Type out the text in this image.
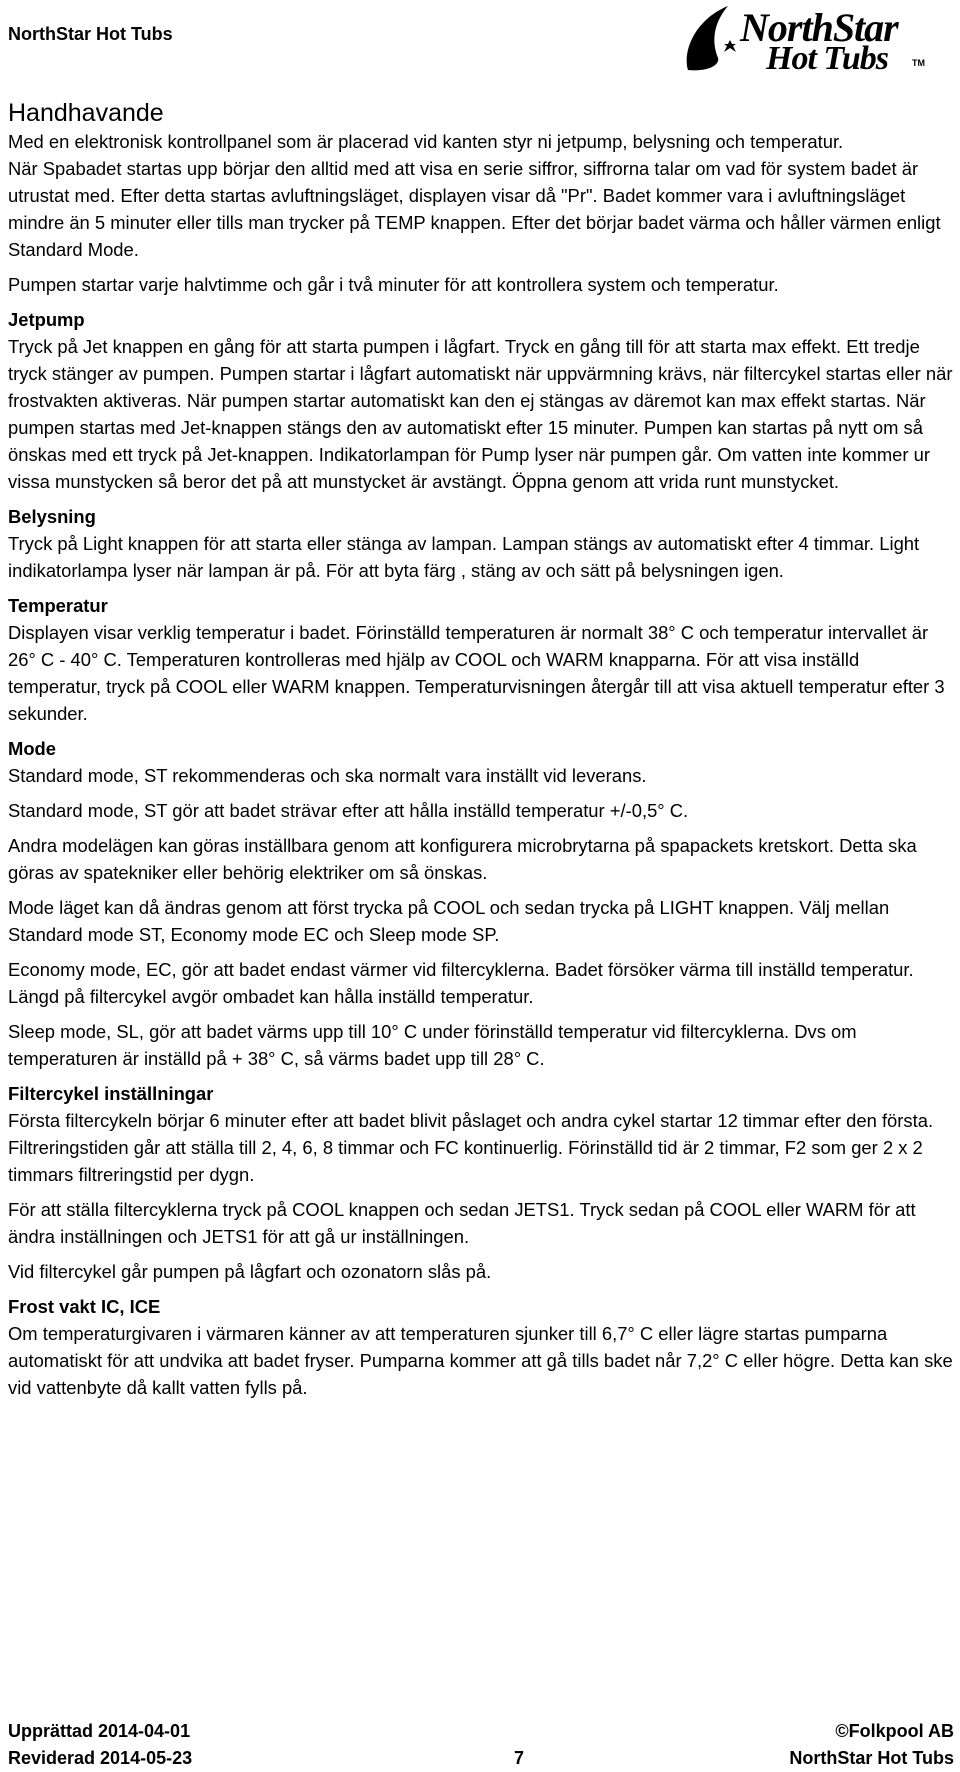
NorthStar Hot Tubs	NorthStar
Hot Tubs	TM
Handhavande

Med en elektronisk kontrollpanel som är placerad vid kanten styr ni jetpump, belysning och temperatur.

När Spabadet startas upp börjar den alltid med att visa en serie siffror, siffrorna talar om vad för system badet är utrustat med. Efter detta startas avluftningsläget, displayen visar då "Pr". Badet kommer vara i avluftningsläget mindre än 5 minuter eller tills man trycker på TEMP knappen. Efter det börjar badet värma och håller värmen enligt Standard Mode.

Pumpen startar varje halvtimme och går i två minuter för att kontrollera system och temperatur.

Jetpump

Tryck på Jet knappen en gång för att starta pumpen i lågfart. Tryck en gång till för att starta max effekt. Ett tredje tryck stänger av pumpen. Pumpen startar i lågfart automatiskt när uppvärmning krävs, när filtercykel startas eller när frostvakten aktiveras. När pumpen startar automatiskt kan den ej stängas av däremot kan max effekt startas. När pumpen startas med Jet-knappen stängs den av automatiskt efter 15 minuter. Pumpen kan startas på nytt om så önskas med ett tryck på Jet-knappen. Indikatorlampan för Pump lyser när pumpen går. Om vatten inte kommer ur vissa munstycken så beror det på att munstycket är avstängt. Öppna genom att vrida runt munstycket.

Belysning

Tryck på Light knappen för att starta eller stänga av lampan. Lampan stängs av automatiskt efter 4 timmar. Light indikatorlampa lyser när lampan är på. För att byta färg , stäng av och sätt på belysningen igen.

Temperatur

Displayen visar verklig temperatur i badet. Förinställd temperaturen är normalt 38° C och temperatur intervallet är 26° C - 40° C. Temperaturen kontrolleras med hjälp av COOL och WARM knapparna. För att visa inställd temperatur, tryck på COOL eller WARM knappen. Temperaturvisningen återgår till att visa aktuell temperatur efter 3 sekunder.

Mode

Standard mode, ST rekommenderas och ska normalt vara inställt vid leverans.

Standard mode, ST gör att badet strävar efter att hålla inställd temperatur +/-0,5° C.

Andra modelägen kan göras inställbara genom att konfigurera microbrytarna på spapackets kretskort. Detta ska göras av spatekniker eller behörig elektriker om så önskas.

Mode läget kan då ändras genom att först trycka på COOL och sedan trycka på LIGHT knappen. Välj mellan Standard mode ST, Economy mode EC och Sleep mode SP.

Economy mode, EC, gör att badet endast värmer vid filtercyklerna. Badet försöker värma till inställd temperatur. Längd på filtercykel avgör ombadet kan hålla inställd temperatur.

Sleep mode, SL, gör att badet värms upp till 10° C under förinställd temperatur vid filtercyklerna. Dvs om temperaturen är inställd på + 38° C, så värms badet upp till 28° C.

Filtercykel inställningar

Första filtercykeln börjar 6 minuter efter att badet blivit påslaget och andra cykel startar 12 timmar efter den första. Filtreringstiden går att ställa till 2, 4, 6, 8 timmar och FC kontinuerlig. Förinställd tid är 2 timmar, F2 som ger 2 x 2 timmars filtreringstid per dygn.

För att ställa filtercyklerna tryck på COOL knappen och sedan JETS1. Tryck sedan på COOL eller WARM för att ändra inställningen och JETS1 för att gå ur inställningen.

Vid filtercykel går pumpen på lågfart och ozonatorn slås på.

Frost vakt IC, ICE

Om temperaturgivaren i värmaren känner av att temperaturen sjunker till 6,7° C eller lägre startas pumparna automatiskt för att undvika att badet fryser. Pumparna kommer att gå tills badet når 7,2° C eller högre. Detta kan ske vid vattenbyte då kallt vatten fylls på.

Upprättad 2014-04-01	©Folkpool AB
Reviderad 2014-05-23	7	NorthStar Hot Tubs
